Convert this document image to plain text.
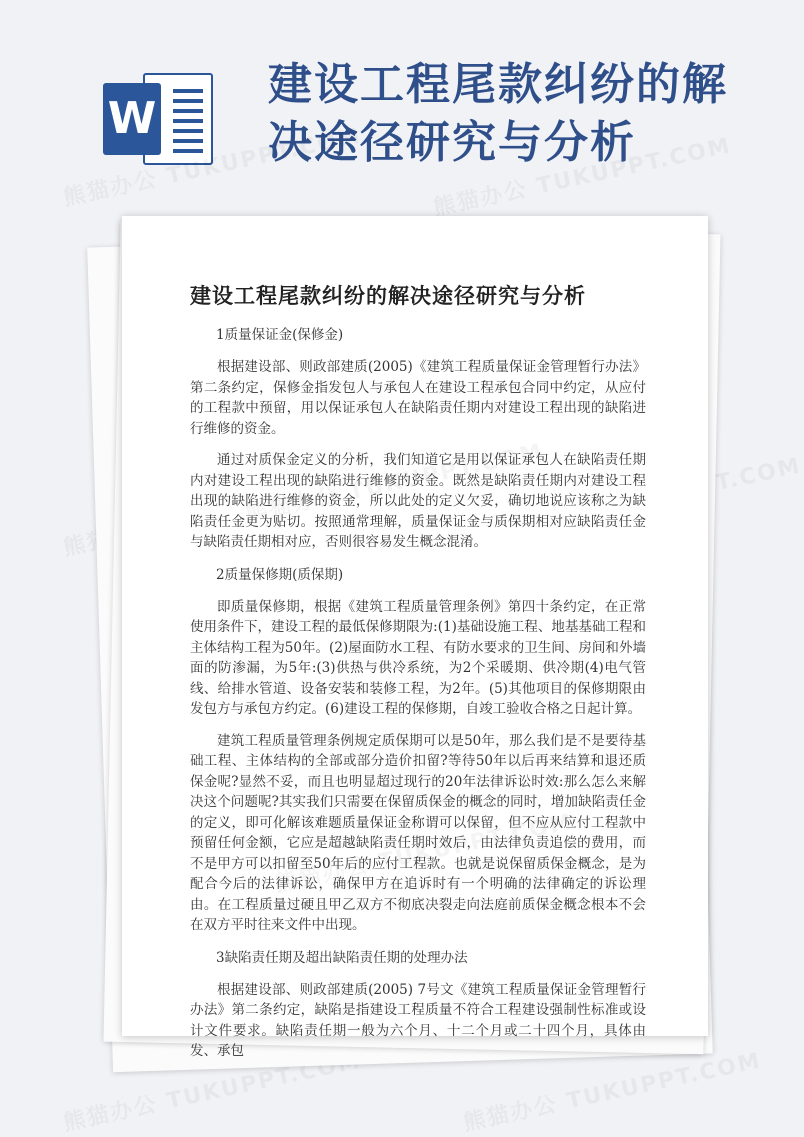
W
建设工程尾款纠纷的解决途径研究与分析
建设工程尾款纠纷的解决途径研究与分析
1质量保证金(保修金)

根据建设部、则政部建质(2005)《建筑工程质量保证金管理暂行办法》第二条约定，保修金指发包人与承包人在建设工程承包合同中约定，从应付的工程款中预留，用以保证承包人在缺陷责任期内对建设工程出现的缺陷进行维修的资金。

通过对质保金定义的分析，我们知道它是用以保证承包人在缺陷责任期内对建设工程出现的缺陷进行维修的资金。既然是缺陷责任期内对建设工程出现的缺陷进行维修的资金，所以此处的定义欠妥，确切地说应该称之为缺陷责任金更为贴切。按照通常理解，质量保证金与质保期相对应缺陷责任金与缺陷责任期相对应，否则很容易发生概念混淆。

2质量保修期(质保期)

即质量保修期，根据《建筑工程质量管理条例》第四十条约定，在正常使用条件下，建设工程的最低保修期限为:(1)基础设施工程、地基基础工程和主体结构工程为50年。(2)屋面防水工程、有防水要求的卫生间、房间和外墙面的防渗漏，为5年:(3)供热与供冷系统，为2个采暖期、供冷期(4)电气管线、给排水管道、设备安装和装修工程，为2年。(5)其他项目的保修期限由发包方与承包方约定。(6)建设工程的保修期，自竣工验收合格之日起计算。

建筑工程质量管理条例规定质保期可以是50年，那么我们是不是要待基础工程、主体结构的全部或部分造价扣留?等待50年以后再来结算和退还质保金呢?显然不妥，而且也明显超过现行的20年法律诉讼时效:那么怎么来解决这个问题呢?其实我们只需要在保留质保金的概念的同时，增加缺陷责任金的定义，即可化解该难题质量保证金称谓可以保留，但不应从应付工程款中预留任何金额，它应是超越缺陷责任期时效后，由法律负责追偿的费用，而不是甲方可以扣留至50年后的应付工程款。也就是说保留质保金概念，是为配合今后的法律诉讼，确保甲方在追诉时有一个明确的法律确定的诉讼理由。在工程质量过硬且甲乙双方不彻底决裂走向法庭前质保金概念根本不会在双方平时往来文件中出现。

3缺陷责任期及超出缺陷责任期的处理办法

根据建设部、则政部建质(2005) 7号文《建筑工程质量保证金管理暂行办法》第二条约定，缺陷是指建设工程质量不符合工程建设强制性标准或设计文件要求。缺陷责任期一般为六个月、十二个月或二十四个月，具体由发、承包
